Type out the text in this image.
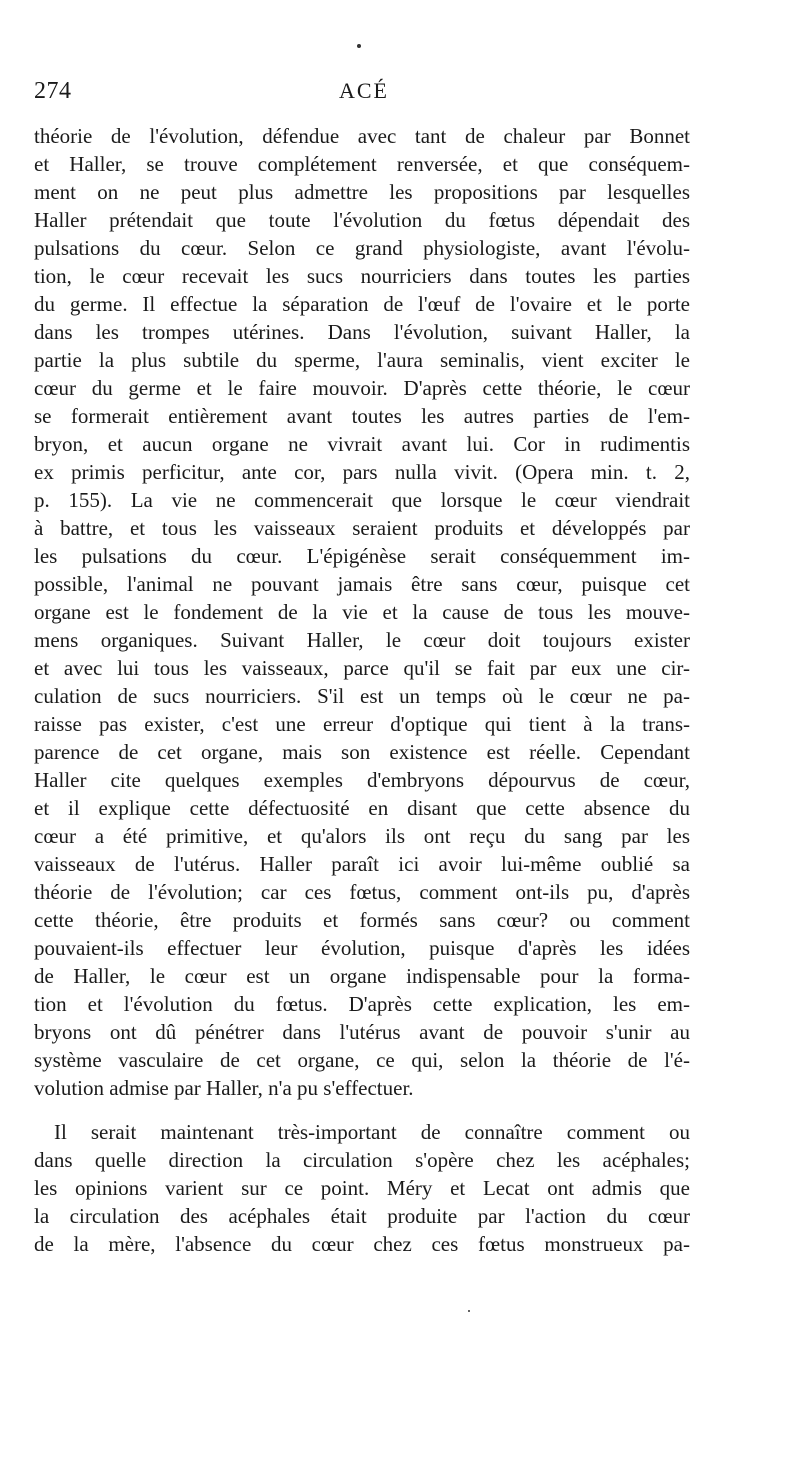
274	ACÉ
théorie de l'évolution, défendue avec tant de chaleur par Bonnet
et Haller, se trouve complétement renversée, et que conséquem-
ment on ne peut plus admettre les propositions par lesquelles
Haller prétendait que toute l'évolution du fœtus dépendait des
pulsations du cœur. Selon ce grand physiologiste, avant l'évolu-
tion, le cœur recevait les sucs nourriciers dans toutes les parties
du germe. Il effectue la séparation de l'œuf de l'ovaire et le porte
dans les trompes utérines. Dans l'évolution, suivant Haller, la
partie la plus subtile du sperme, l'aura seminalis, vient exciter le
cœur du germe et le faire mouvoir. D'après cette théorie, le cœur
se formerait entièrement avant toutes les autres parties de l'em-
bryon, et aucun organe ne vivrait avant lui. Cor in rudimentis
ex primis perficitur, ante cor, pars nulla vivit. (Opera min. t. 2,
p. 155). La vie ne commencerait que lorsque le cœur viendrait
à battre, et tous les vaisseaux seraient produits et développés par
les pulsations du cœur. L'épigénèse serait conséquemment im-
possible, l'animal ne pouvant jamais être sans cœur, puisque cet
organe est le fondement de la vie et la cause de tous les mouve-
mens organiques. Suivant Haller, le cœur doit toujours exister
et avec lui tous les vaisseaux, parce qu'il se fait par eux une cir-
culation de sucs nourriciers. S'il est un temps où le cœur ne pa-
raisse pas exister, c'est une erreur d'optique qui tient à la trans-
parence de cet organe, mais son existence est réelle. Cependant
Haller cite quelques exemples d'embryons dépourvus de cœur,
et il explique cette défectuosité en disant que cette absence du
cœur a été primitive, et qu'alors ils ont reçu du sang par les
vaisseaux de l'utérus. Haller paraît ici avoir lui-même oublié sa
théorie de l'évolution; car ces fœtus, comment ont-ils pu, d'après
cette théorie, être produits et formés sans cœur? ou comment
pouvaient-ils effectuer leur évolution, puisque d'après les idées
de Haller, le cœur est un organe indispensable pour la forma-
tion et l'évolution du fœtus. D'après cette explication, les em-
bryons ont dû pénétrer dans l'utérus avant de pouvoir s'unir au
système vasculaire de cet organe, ce qui, selon la théorie de l'é-
volution admise par Haller, n'a pu s'effectuer.
Il serait maintenant très-important de connaître comment ou
dans quelle direction la circulation s'opère chez les acéphales;
les opinions varient sur ce point. Méry et Lecat ont admis que
la circulation des acéphales était produite par l'action du cœur
de la mère, l'absence du cœur chez ces fœtus monstrueux pa-
